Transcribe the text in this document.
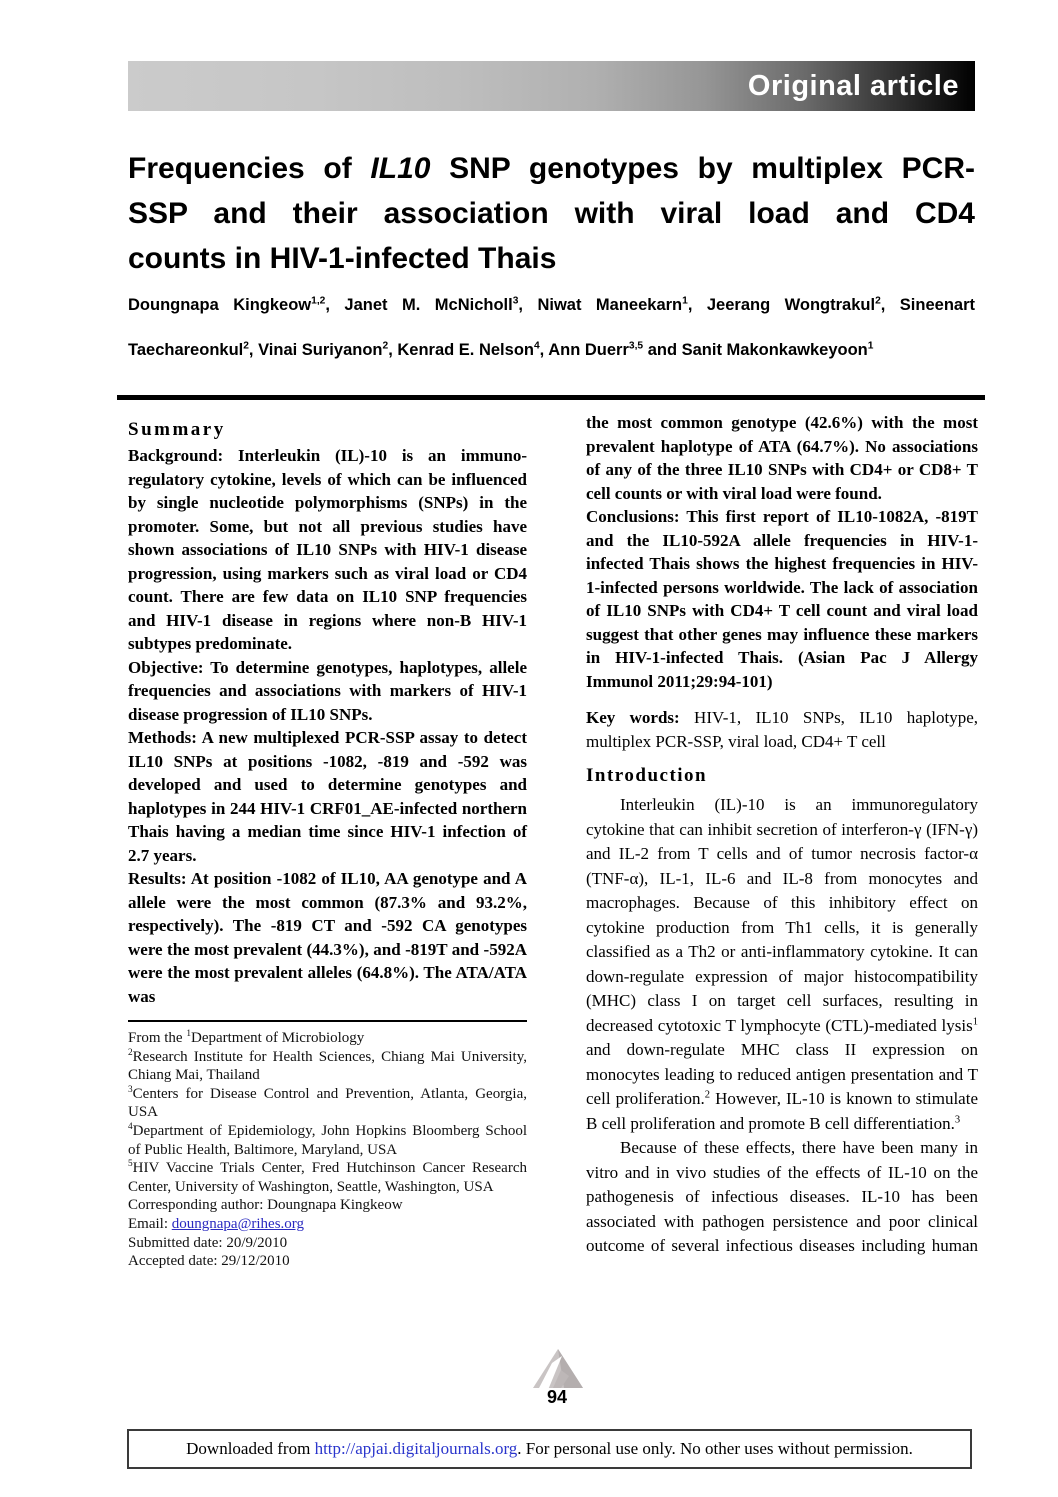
Original article
Frequencies of IL10 SNP genotypes by multiplex PCR-
SSP and their association with viral load and CD4
counts in HIV-1-infected Thais
Doungnapa Kingkeow$^{1,2}$, Janet M. McNicholl$^3$, Niwat Maneekarn$^1$, Jeerang Wongtrakul$^2$, Sineenart
Taechareonkul$^2$, Vinai Suriyanon$^2$, Kenrad E. Nelson$^4$, Ann Duerr$^{3,5}$ and Sanit Makonkawkeyoon$^1$
Summary

Background: Interleukin (IL)-10 is an immuno-regulatory cytokine, levels of which can be influenced by single nucleotide polymorphisms (SNPs) in the promoter. Some, but not all previous studies have shown associations of IL10 SNPs with HIV-1 disease progression, using markers such as viral load or CD4 count. There are few data on IL10 SNP frequencies and HIV-1 disease in regions where non-B HIV-1 subtypes predominate.

Objective: To determine genotypes, haplotypes, allele frequencies and associations with markers of HIV-1 disease progression of IL10 SNPs.

Methods: A new multiplexed PCR-SSP assay to detect IL10 SNPs at positions -1082, -819 and -592 was developed and used to determine genotypes and haplotypes in 244 HIV-1 CRF01_AE-infected northern Thais having a median time since HIV-1 infection of 2.7 years.

Results: At position -1082 of IL10, AA genotype and A allele were the most common (87.3% and 93.2%, respectively). The -819 CT and -592 CA genotypes were the most prevalent (44.3%), and -819T and -592A were the most prevalent alleles (64.8%). The ATA/ATA was

From the $^1$Department of Microbiology
$^2$Research Institute for Health Sciences, Chiang Mai University, Chiang Mai, Thailand
$^3$Centers for Disease Control and Prevention, Atlanta, Georgia, USA
$^4$Department of Epidemiology, John Hopkins Bloomberg School of Public Health, Baltimore, Maryland, USA
$^5$HIV Vaccine Trials Center, Fred Hutchinson Cancer Research Center, University of Washington, Seattle, Washington, USA
Corresponding author: Doungnapa Kingkeow
Email: doungnapa@rihes.org
Submitted date: 20/9/2010
Accepted date: 29/12/2010

the most common genotype (42.6%) with the most prevalent haplotype of ATA (64.7%). No associations of any of the three IL10 SNPs with CD4+ or CD8+ T cell counts or with viral load were found.

Conclusions: This first report of IL10-1082A, -819T and the IL10-592A allele frequencies in HIV-1-infected Thais shows the highest frequencies in HIV-1-infected persons worldwide. The lack of association of IL10 SNPs with CD4+ T cell count and viral load suggest that other genes may influence these markers in HIV-1-infected Thais. (Asian Pac J Allergy Immunol 2011;29:94-101)

Key words: HIV-1, IL10 SNPs, IL10 haplotype, multiplex PCR-SSP, viral load, CD4+ T cell

Introduction

Interleukin (IL)-10 is an immunoregulatory cytokine that can inhibit secretion of interferon-γ (IFN-γ) and IL-2 from T cells and of tumor necrosis factor-α (TNF-α), IL-1, IL-6 and IL-8 from monocytes and macrophages. Because of this inhibitory effect on cytokine production from Th1 cells, it is generally classified as a Th2 or anti-inflammatory cytokine. It can down-regulate expression of major histocompatibility (MHC) class I on target cell surfaces, resulting in decreased cytotoxic T lymphocyte (CTL)-mediated lysis$^1$ and down-regulate MHC class II expression on monocytes leading to reduced antigen presentation and T cell proliferation.$^2$ However, IL-10 is known to stimulate B cell proliferation and promote B cell differentiation.$^3$

Because of these effects, there have been many in vitro and in vivo studies of the effects of IL-10 on the pathogenesis of infectious diseases. IL-10 has been associated with pathogen persistence and poor clinical outcome of several infectious diseases including human

94
Downloaded from http://apjai.digitaljournals.org. For personal use only. No other uses without permission.
